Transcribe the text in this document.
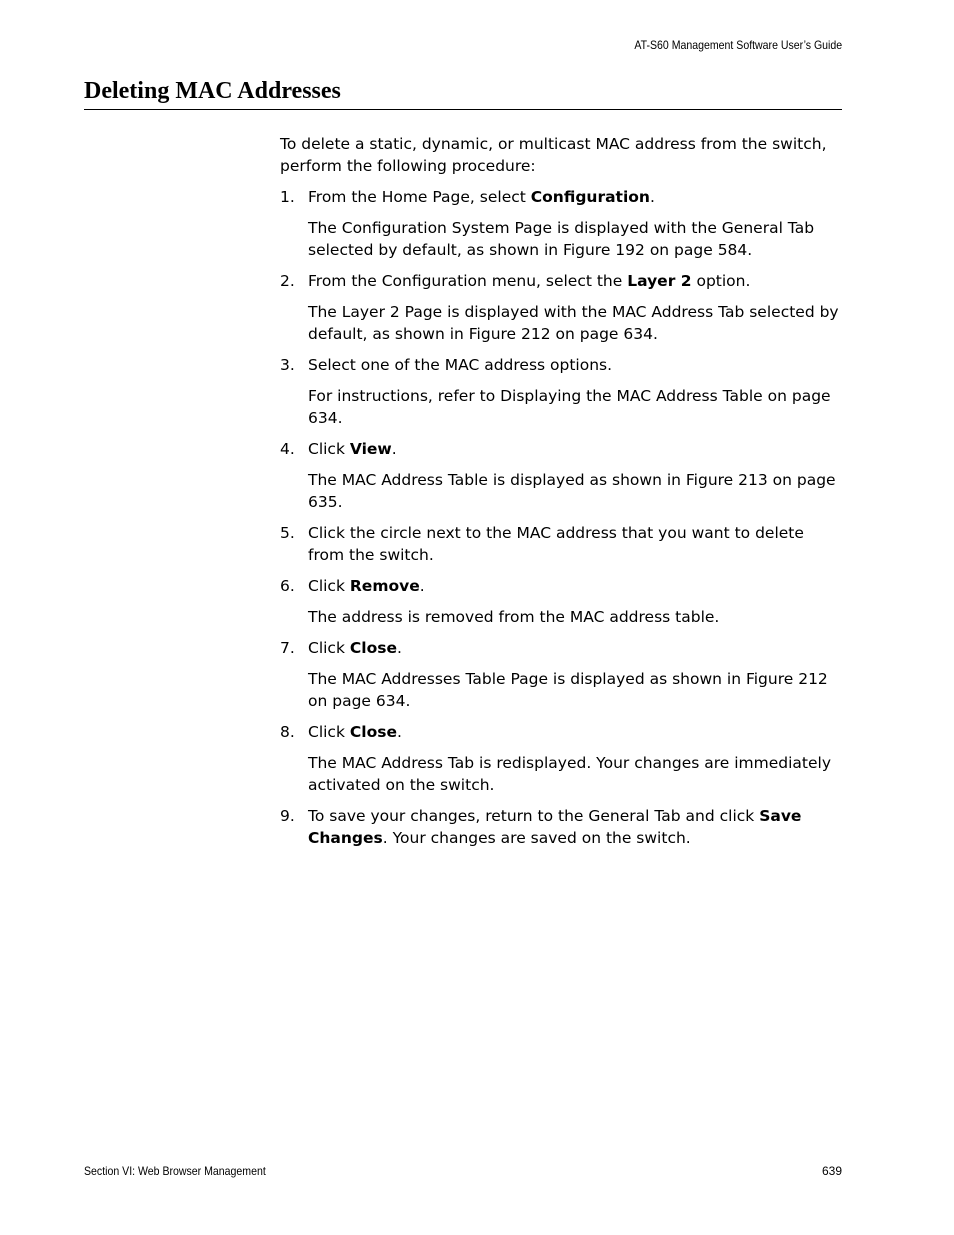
AT-S60 Management Software User’s Guide
Deleting MAC Addresses

To delete a static, dynamic, or multicast MAC address from the switch, perform the following procedure:

1. From the Home Page, select Configuration.

The Configuration System Page is displayed with the General Tab selected by default, as shown in Figure 192 on page 584.

2. From the Configuration menu, select the Layer 2 option.

The Layer 2 Page is displayed with the MAC Address Tab selected by default, as shown in Figure 212 on page 634.

3. Select one of the MAC address options.

For instructions, refer to Displaying the MAC Address Table on page 634.

4. Click View.

The MAC Address Table is displayed as shown in Figure 213 on page 635.

5. Click the circle next to the MAC address that you want to delete from the switch.
6. Click Remove.

The address is removed from the MAC address table.

7. Click Close.

The MAC Addresses Table Page is displayed as shown in Figure 212 on page 634.

8. Click Close.

The MAC Address Tab is redisplayed. Your changes are immediately activated on the switch.

9. To save your changes, return to the General Tab and click Save Changes. Your changes are saved on the switch.
Section VI: Web Browser Management	639
